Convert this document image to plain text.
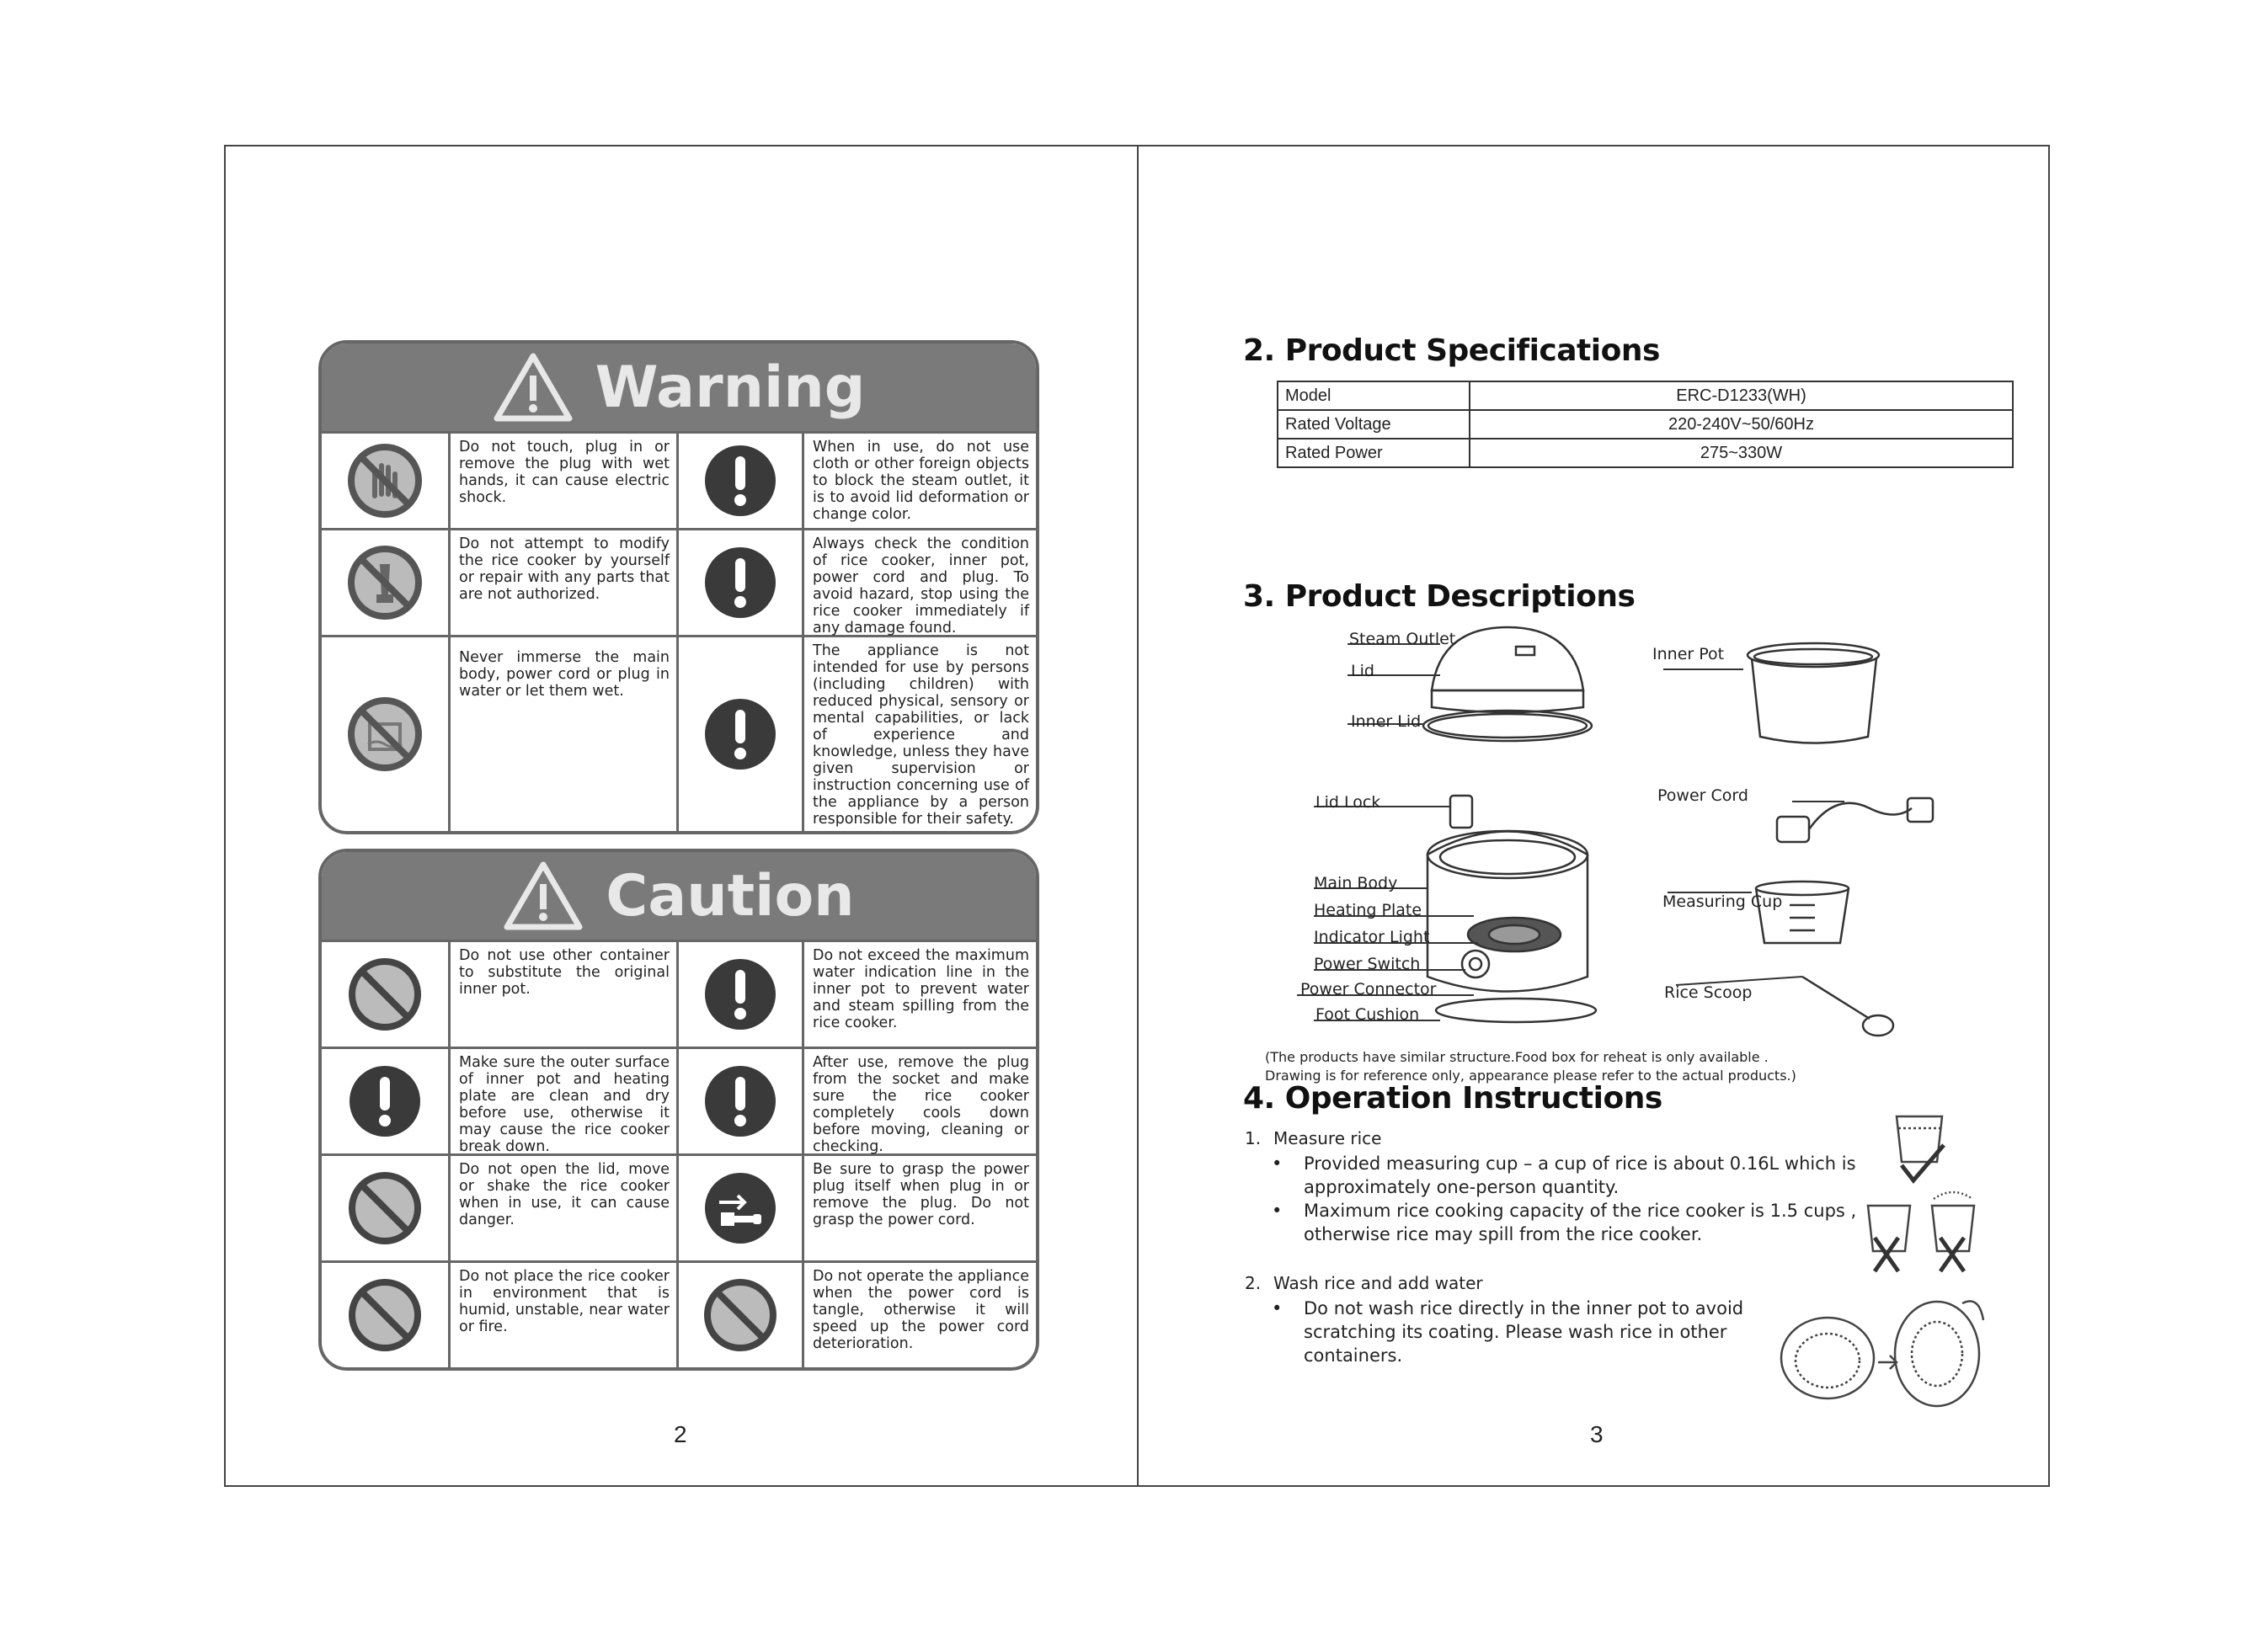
Warning
Do not touch, plug in or remove the plug with wet hands, it can cause electric shock.
When in use, do not use cloth or other foreign objects to block the steam outlet, it is to avoid lid deformation or change color.
Do not attempt to modify the rice cooker by yourself or repair with any parts that are not authorized.
Always check the condition of rice cooker, inner pot, power cord and plug. To avoid hazard, stop using the rice cooker immediately if any damage found.
Never immerse the main body, power cord or plug in water or let them wet.
The appliance is not intended for use by persons (including children) with reduced physical, sensory or mental capabilities, or lack of experience and knowledge, unless they have given supervision or instruction concerning use of the appliance by a person responsible for their safety.
Caution
Do not use other container to substitute the original inner pot.
Do not exceed the maximum water indication line in the inner pot to prevent water and steam spilling from the rice cooker.
Make sure the outer surface of inner pot and heating plate are clean and dry before use, otherwise it may cause the rice cooker break down.
After use, remove the plug from the socket and make sure the rice cooker completely cools down before moving, cleaning or checking.
Do not open the lid, move or shake the rice cooker when in use, it can cause danger.
Be sure to grasp the power plug itself when plug in or remove the plug. Do not grasp the power cord.
Do not place the rice cooker in environment that is humid, unstable, near water or fire.
Do not operate the appliance when the power cord is tangle, otherwise it will speed up the power cord deterioration.
2
2. Product Specifications
Model	ERC-D1233(WH)
Rated Voltage	220-240V~50/60Hz
Rated Power	275~330W
3. Product Descriptions
Steam Outlet
Lid
Inner Lid
Inner Pot
Lid Lock	Power Cord
Main Body
Heating Plate
Indicator Light
Power Switch
Power Connector
Foot Cushion
Measuring Cup
Rice Scoop
(The products have similar structure.Food box for reheat is only available .
Drawing is for reference only, appearance please refer to the actual products.)
4. Operation Instructions
1. Measure rice
• Provided measuring cup – a cup of rice is about 0.16L which is
approximately one-person quantity.
• Maximum rice cooking capacity of the rice cooker is 1.5 cups ,
otherwise rice may spill from the rice cooker.
2. Wash rice and add water
• Do not wash rice directly in the inner pot to avoid
scratching its coating. Please wash rice in other
containers.
3
